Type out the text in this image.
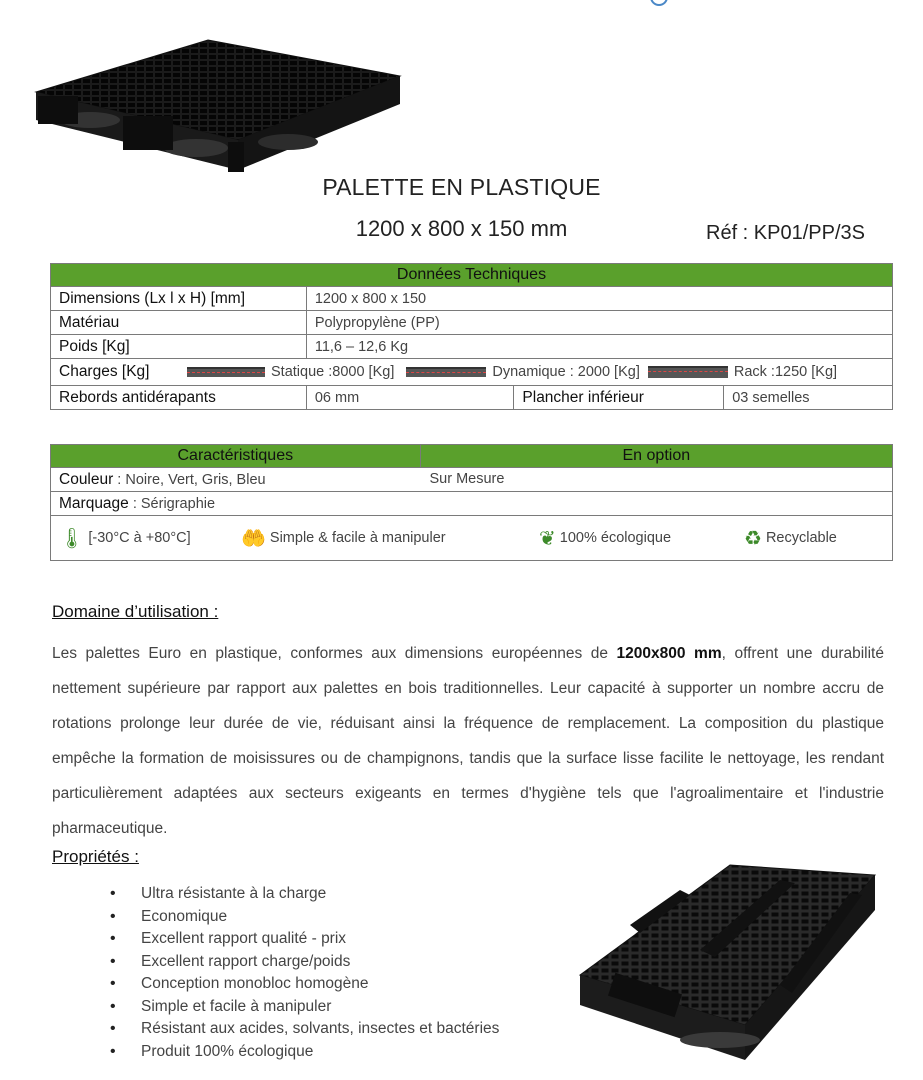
PALETTE EN PLASTIQUE
1200 x 800 x 150 mm	Réf : KP01/PP/3S
Données Techniques			
Dimensions (Lx l x H) [mm]	1200 x 800 x 150		
Matériau	Polypropylène (PP)		
Poids [Kg]	11,6 – 12,6 Kg		

Charges [Kg] Statique :8000 [Kg] Dynamique : 2000 [Kg] Rack :1250 [Kg]			

Rebords antidérapants	06 mm	Plancher inférieur	03 semelles
Caractéristiques	En option
Couleur : Noire, Vert, Gris, Bleu	Sur Mesure

Marquage : Sérigraphie

🌡 [-30°C à +80°C]	🤲 Simple & facile à manipuler	❦ 100% écologique	♻ Recyclable
Domaine d’utilisation :
Les palettes Euro en plastique, conformes aux dimensions européennes de 1200x800 mm, offrent une durabilité nettement supérieure par rapport aux palettes en bois traditionnelles. Leur capacité à supporter un nombre accru de rotations prolonge leur durée de vie, réduisant ainsi la fréquence de remplacement. La composition du plastique empêche la formation de moisissures ou de champignons, tandis que la surface lisse facilite le nettoyage, les rendant particulièrement adaptées aux secteurs exigeants en termes d'hygiène tels que l'agroalimentaire et l'industrie pharmaceutique.
Propriétés :
• Ultra résistante à la charge
• Economique
• Excellent rapport qualité - prix
• Excellent rapport charge/poids
• Conception monobloc homogène
• Simple et facile à manipuler
• Résistant aux acides, solvants, insectes et bactéries
• Produit 100% écologique
